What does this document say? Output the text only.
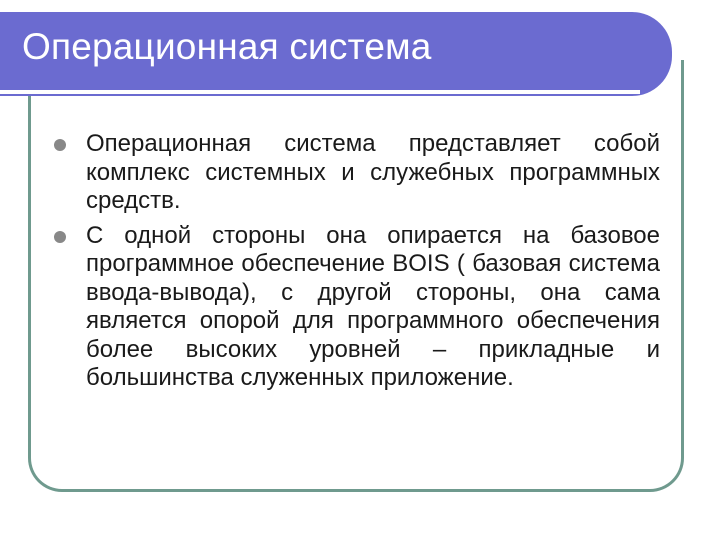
Операционная система
Операционная система представляет собой комплекс системных и служебных программных средств.
С одной стороны она опирается на базовое программное обеспечение BOIS ( базовая система ввода-вывода), с другой стороны, она сама является опорой для программного обеспечения более высоких уровней – прикладные и большинства служенных приложение.
